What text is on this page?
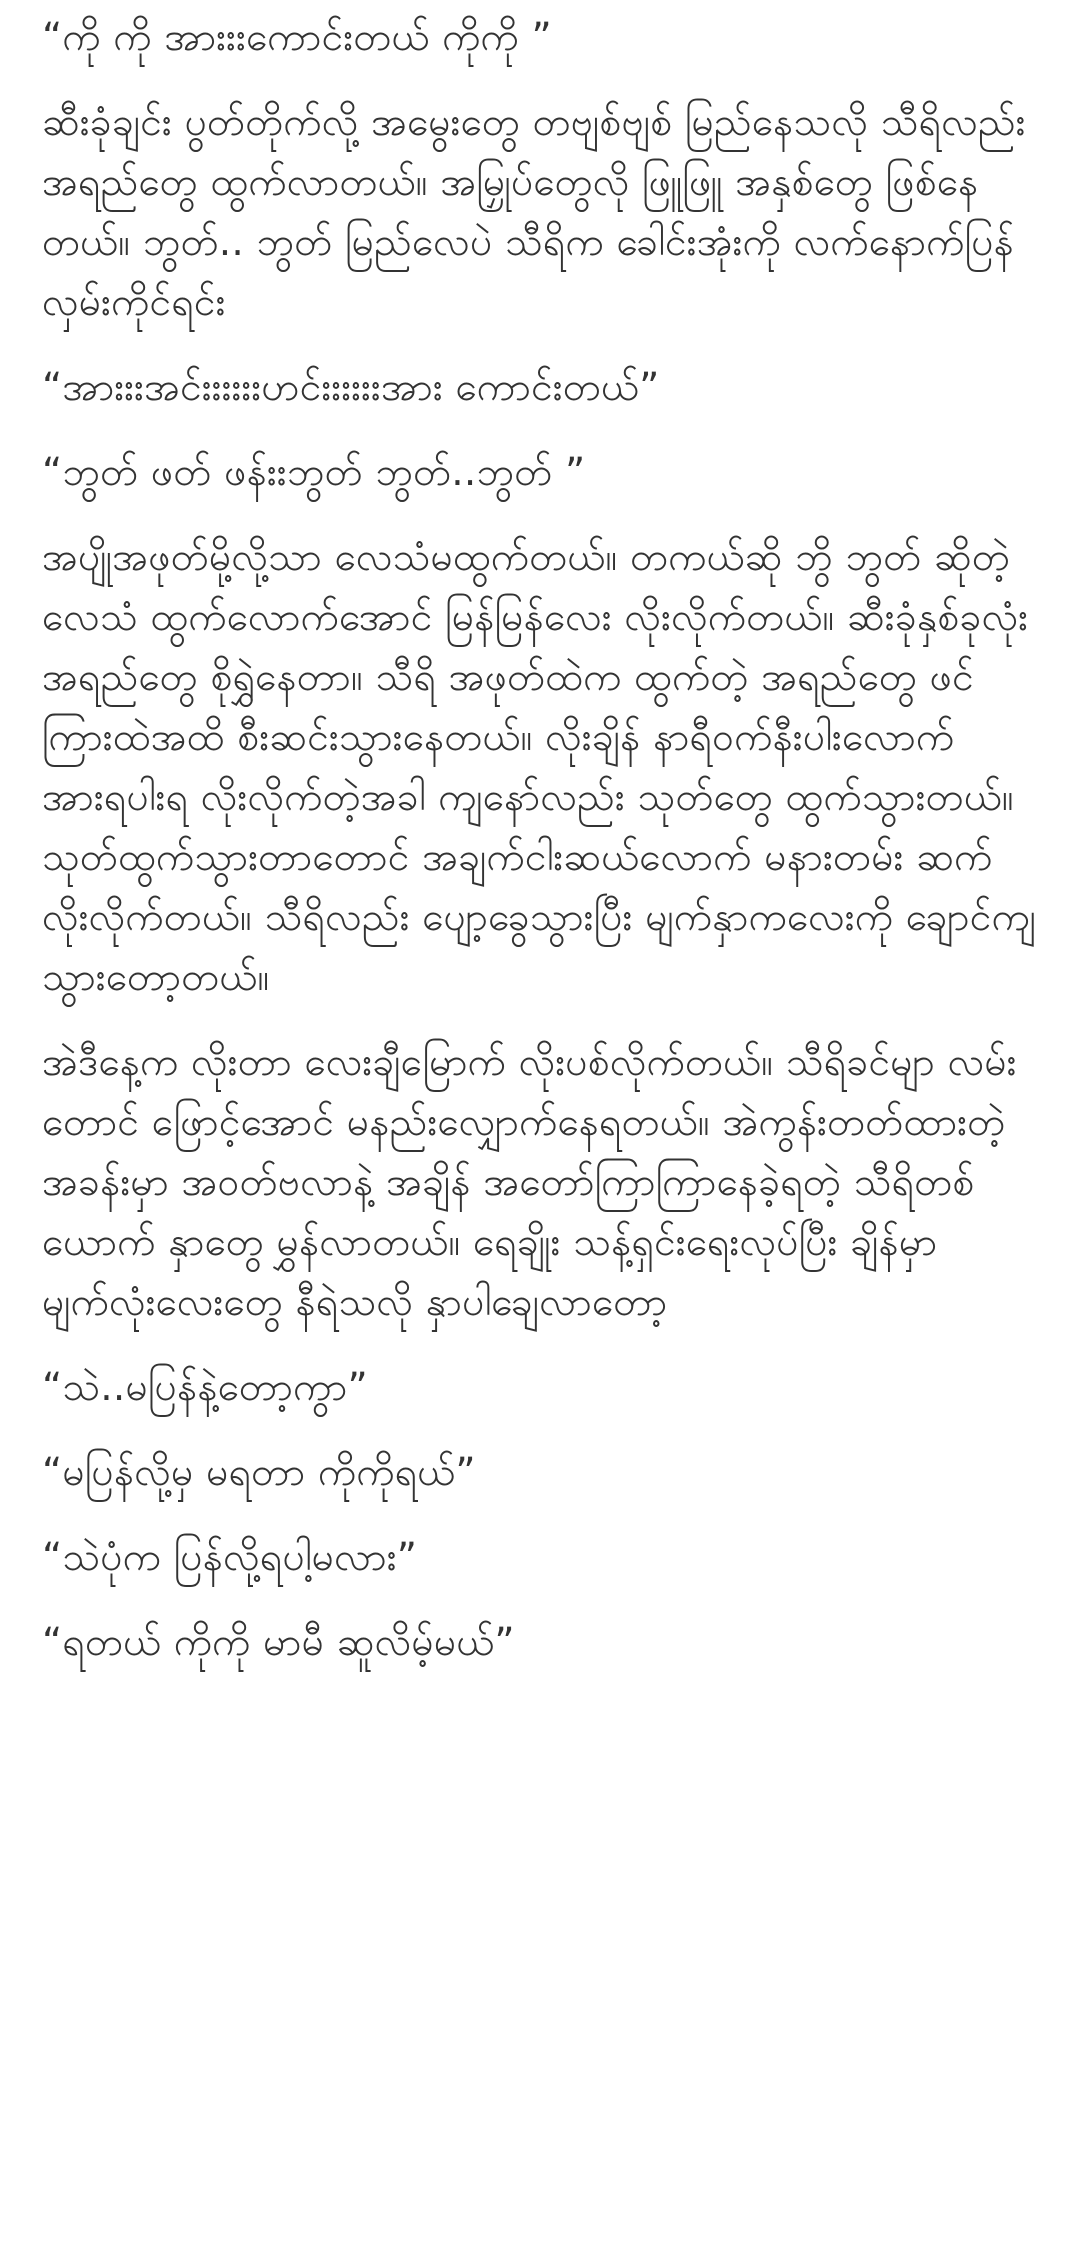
“ကို ကို အားးးကောင်းတယ် ကိုကို ”

ဆီးခုံချင်း ပွတ်တိုက်လို့ အမွေးတွေ တဗျစ်ဗျစ် မြည်နေသလို သီရိလည်း အရည်တွေ ထွက်လာတယ်။ အမြှုပ်တွေလို ဖြူဖြူ အနှစ်တွေ ဖြစ်နေတယ်။ ဘွတ်.. ဘွတ် မြည်လေပဲ သီရိက ခေါင်းအုံးကို လက်နောက်ပြန်လှမ်းကိုင်ရင်း

“အားးးအင်းးးးးးဟင်းးးးးးအား ကောင်းတယ်”

“ဘွတ် ဖတ် ဖန်းးဘွတ် ဘွတ်..ဘွတ် ”

အပျိုအဖုတ်မို့လို့သာ လေသံမထွက်တယ်။ တကယ်ဆို ဘွိ ဘွတ် ဆိုတဲ့ လေသံ ထွက်လောက်အောင် မြန်မြန်လေး လိုးလိုက်တယ်။ ဆီးခုံနှစ်ခုလုံး အရည်တွေ စိုရွှဲနေတာ။ သီရိ အဖုတ်ထဲက ထွက်တဲ့ အရည်တွေ ဖင်ကြားထဲအထိ စီးဆင်းသွားနေတယ်။ လိုးချိန် နာရီဝက်နီးပါးလောက် အားရပါးရ လိုးလိုက်တဲ့အခါ ကျနော်လည်း သုတ်တွေ ထွက်သွားတယ်။ သုတ်ထွက်သွားတာတောင် အချက်ငါးဆယ်လောက် မနားတမ်း ဆက်လိုးလိုက်တယ်။ သီရိလည်း ပျော့ခွေသွားပြီး မျက်နှာကလေးကို ချောင်ကျသွားတော့တယ်။

အဲဒီနေ့က လိုးတာ လေးချီမြောက် လိုးပစ်လိုက်တယ်။ သီရိခင်မျာ လမ်းတောင် ဖြောင့်အောင် မနည်းလျှောက်နေရတယ်။ အဲကွန်းတတ်ထားတဲ့ အခန်းမှာ အဝတ်ဗလာနဲ့ အချိန် အတော်ကြာကြာနေခဲ့ရတဲ့ သီရိတစ်ယောက် နှာတွေ မွှန်လာတယ်။ ရေချိုး သန့်ရှင်းရေးလုပ်ပြီး ချိန်မှာ မျက်လုံးလေးတွေ နီရဲသလို နှာပါချေလာတော့

“သဲ..မပြန်နဲ့တော့ကွာ”

“မပြန်လို့မှ မရတာ ကိုကိုရယ်”

“သဲပုံက ပြန်လို့ရပါ့မလား”

“ရတယ် ကိုကို မာမီ ဆူလိမ့်မယ်”
